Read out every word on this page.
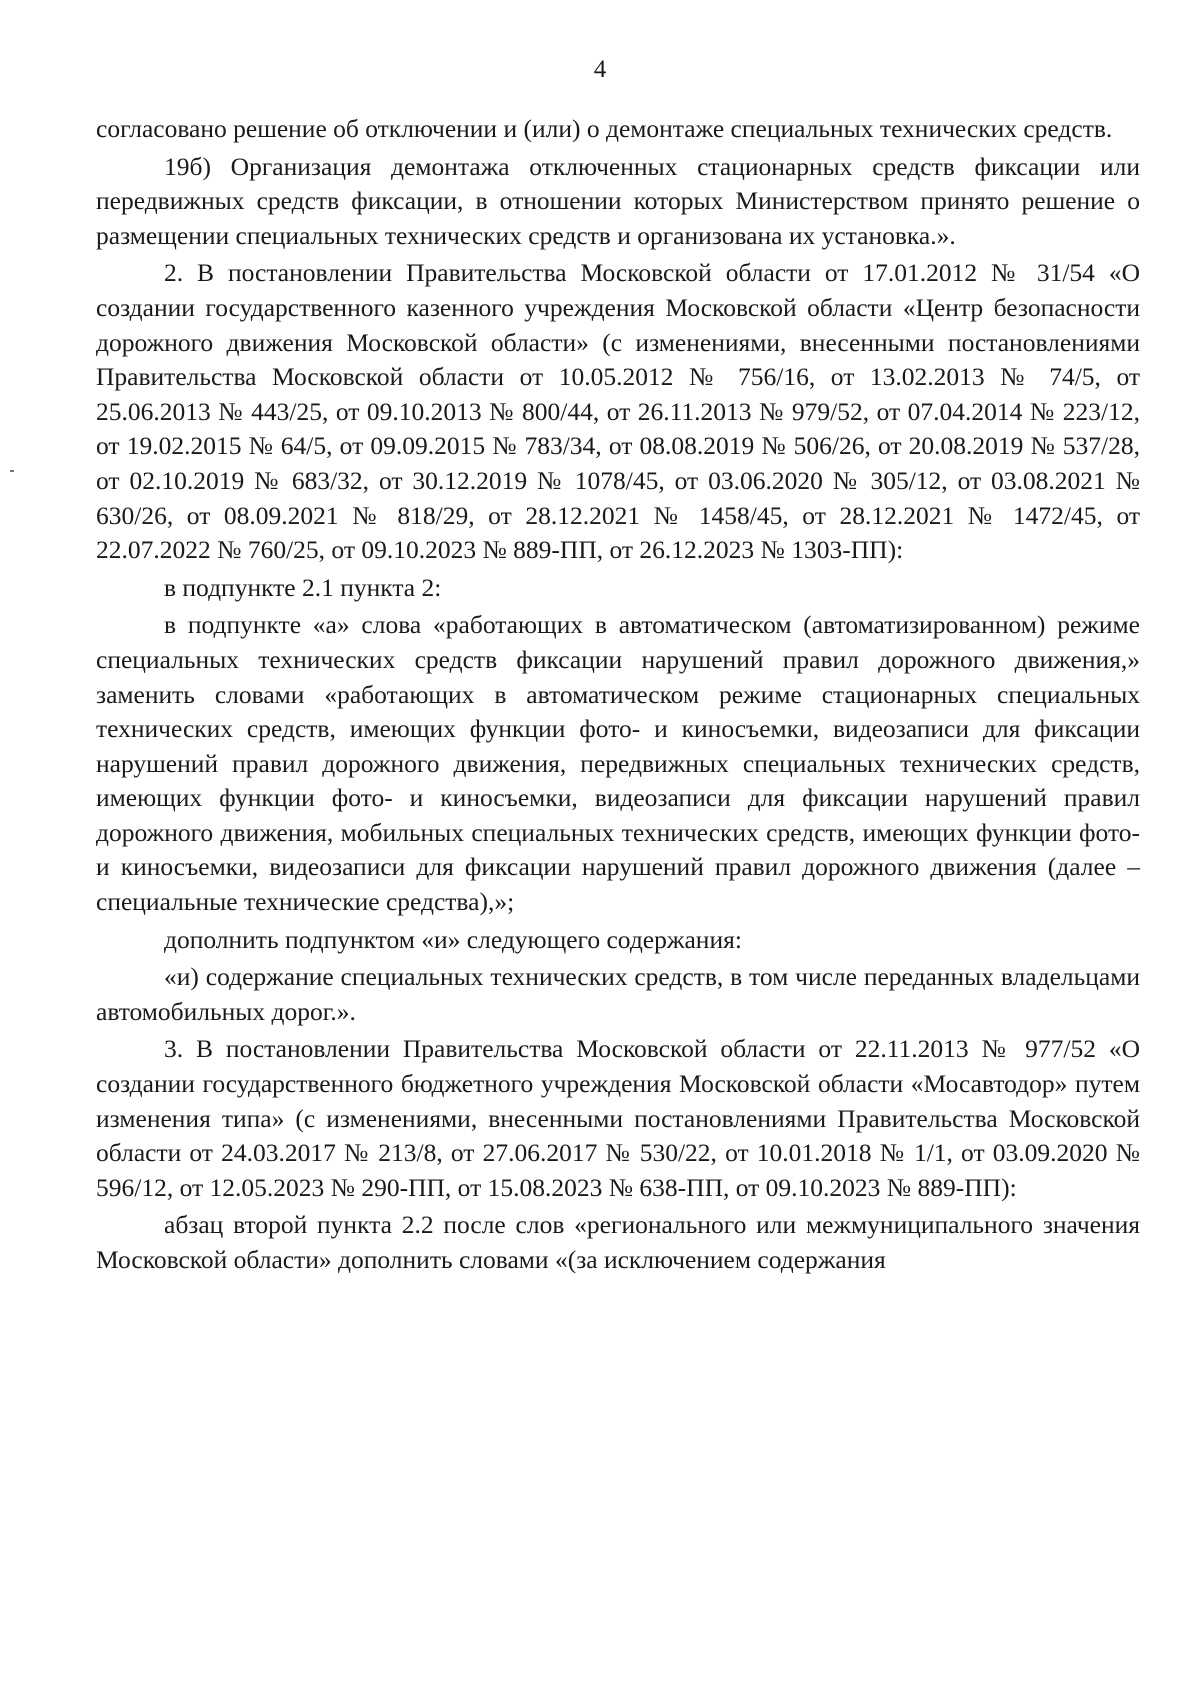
4

согласовано решение об отключении и (или) о демонтаже специальных технических средств.

19б) Организация демонтажа отключенных стационарных средств фиксации или передвижных средств фиксации, в отношении которых Министерством принято решение о размещении специальных технических средств и организована их установка.».

2. В постановлении Правительства Московской области от 17.01.2012 № 31/54 «О создании государственного казенного учреждения Московской области «Центр безопасности дорожного движения Московской области» (с изменениями, внесенными постановлениями Правительства Московской области от 10.05.2012 № 756/16, от 13.02.2013 № 74/5, от 25.06.2013 № 443/25, от 09.10.2013 № 800/44, от 26.11.2013 № 979/52, от 07.04.2014 № 223/12, от 19.02.2015 № 64/5, от 09.09.2015 № 783/34, от 08.08.2019 № 506/26, от 20.08.2019 № 537/28, от 02.10.2019 № 683/32, от 30.12.2019 № 1078/45, от 03.06.2020 № 305/12, от 03.08.2021 № 630/26, от 08.09.2021 № 818/29, от 28.12.2021 № 1458/45, от 28.12.2021 № 1472/45, от 22.07.2022 № 760/25, от 09.10.2023 № 889-ПП, от 26.12.2023 № 1303-ПП):

в подпункте 2.1 пункта 2:

в подпункте «а» слова «работающих в автоматическом (автоматизированном) режиме специальных технических средств фиксации нарушений правил дорожного движения,» заменить словами «работающих в автоматическом режиме стационарных специальных технических средств, имеющих функции фото- и киносъемки, видеозаписи для фиксации нарушений правил дорожного движения, передвижных специальных технических средств, имеющих функции фото- и киносъемки, видеозаписи для фиксации нарушений правил дорожного движения, мобильных специальных технических средств, имеющих функции фото- и киносъемки, видеозаписи для фиксации нарушений правил дорожного движения (далее – специальные технические средства),»;

дополнить подпунктом «и» следующего содержания:

«и) содержание специальных технических средств, в том числе переданных владельцами автомобильных дорог.».

3. В постановлении Правительства Московской области от 22.11.2013 № 977/52 «О создании государственного бюджетного учреждения Московской области «Мосавтодор» путем изменения типа» (с изменениями, внесенными постановлениями Правительства Московской области от 24.03.2017 № 213/8, от 27.06.2017 № 530/22, от 10.01.2018 № 1/1, от 03.09.2020 № 596/12, от 12.05.2023 № 290-ПП, от 15.08.2023 № 638-ПП, от 09.10.2023 № 889-ПП):

абзац второй пункта 2.2 после слов «регионального или межмуниципального значения Московской области» дополнить словами «(за исключением содержания
